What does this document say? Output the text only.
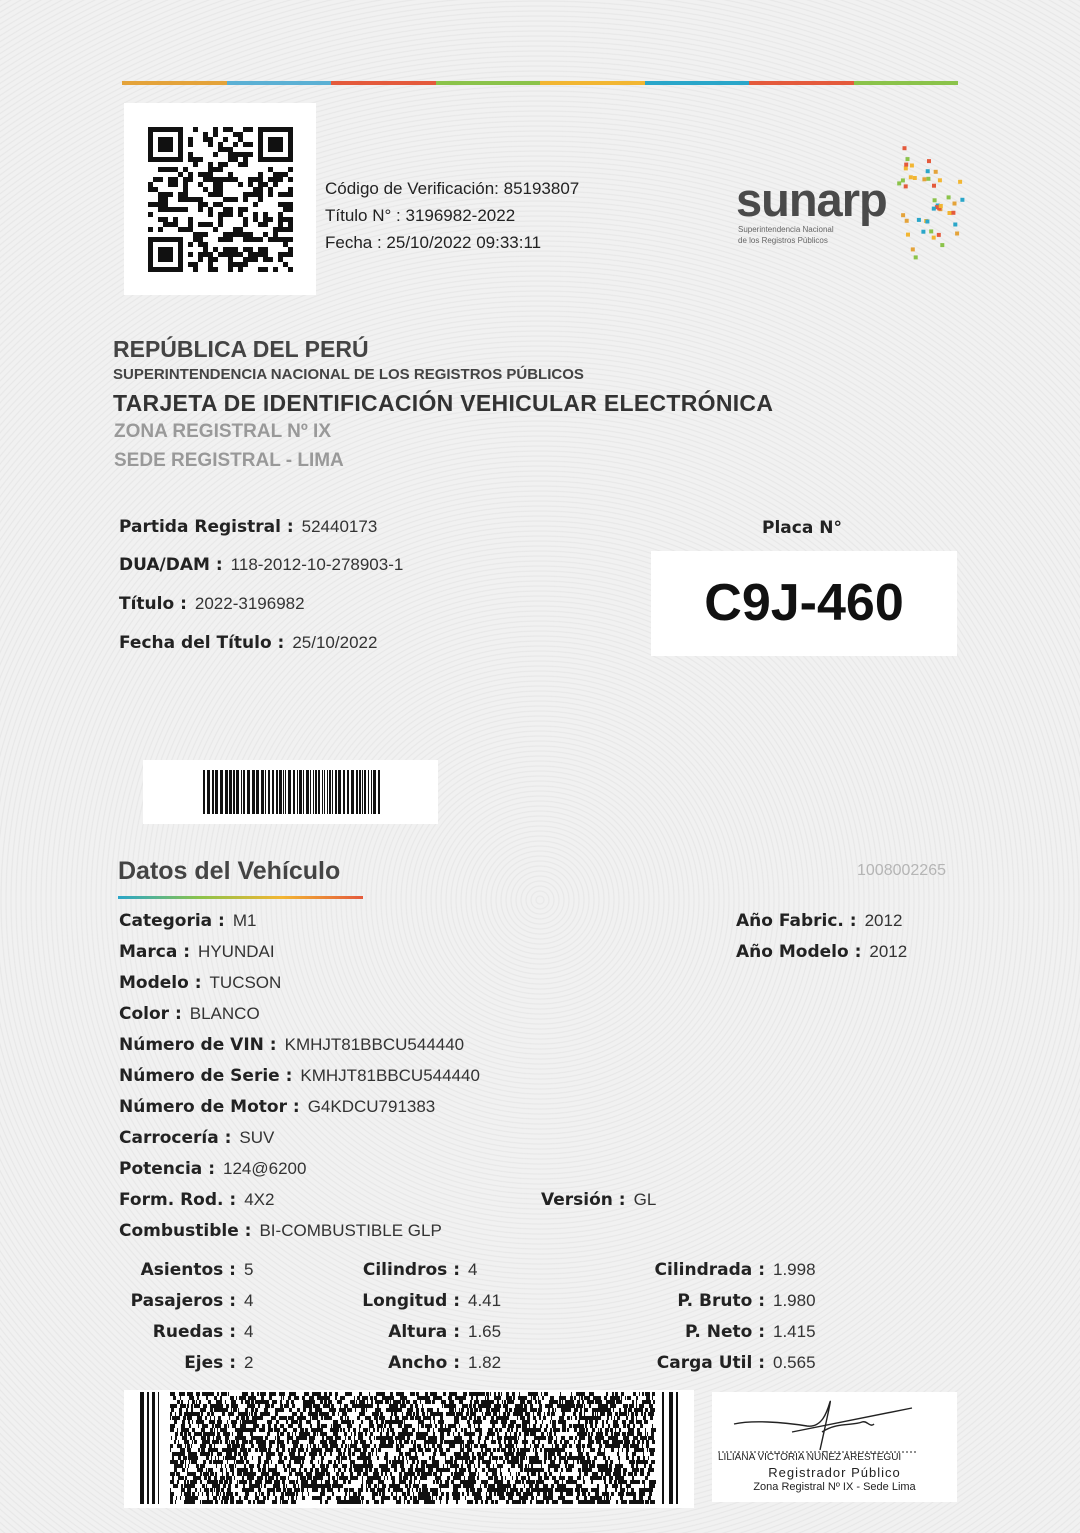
Código de Verificación: 85193807
Título N° : 3196982-2022
Fecha : 25/10/2022 09:33:11
sunarp
Superintendencia Nacional
de los Registros Públicos
REPÚBLICA DEL PERÚ
SUPERINTENDENCIA NACIONAL DE LOS REGISTROS PÚBLICOS
TARJETA DE IDENTIFICACIÓN VEHICULAR ELECTRÓNICA
ZONA REGISTRAL Nº IX
SEDE REGISTRAL - LIMA
Partida Registral : 52440173
DUA/DAM : 118-2012-10-278903-1
Título : 2022-3196982
Fecha del Título : 25/10/2022
Placa N°
C9J-460
Datos del Vehículo	1008002265
Categoria : M1
Marca : HYUNDAI
Modelo : TUCSON
Color : BLANCO
Número de VIN : KMHJT81BBCU544440
Número de Serie : KMHJT81BBCU544440
Número de Motor : G4KDCU791383
Carrocería : SUV
Potencia : 124@6200
Form. Rod. : 4X2	Versión : GL
Combustible : BI-COMBUSTIBLE GLP
Año Fabric. : 2012
Año Modelo : 2012
Asientos : 5
Pasajeros : 4
Ruedas : 4
Ejes : 2
Cilindros : 4
Longitud : 4.41
Altura : 1.65
Ancho : 1.82
Cilindrada : 1.998
P. Bruto : 1.980
P. Neto : 1.415
Carga Util : 0.565
LILIANA VICTORIA NUÑEZ ARESTEGUI
Registrador Público
Zona Registral Nº IX - Sede Lima
